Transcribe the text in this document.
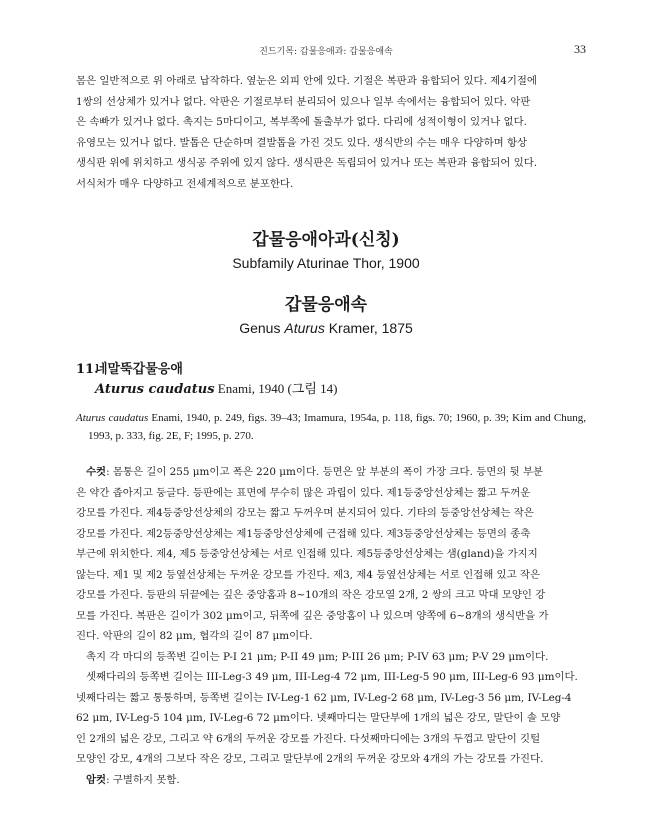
진드기목: 갑물응애과: 갑물응애속	33
몸은 일반적으로 위 아래로 납작하다. 옆눈은 외피 안에 있다. 기절은 복판과 융합되어 있다. 제4기절에
1쌍의 선상체가 있거나 없다. 악판은 기절로부터 분리되어 있으나 일부 속에서는 융합되어 있다. 악판
은 속빠가 있거나 없다. 촉지는 5마디이고, 복부쪽에 돌출부가 없다. 다리에 성적이형이 있거나 없다.
유영모는 있거나 없다. 발톱은 단순하며 결발톱을 가진 것도 있다. 생식반의 수는 매우 다양하며 항상
생식판 위에 위치하고 생식공 주위에 있지 않다. 생식판은 독립되어 있거나 또는 복판과 융합되어 있다.
서식처가 매우 다양하고 전세계적으로 분포한다.
갑물응애아과(신칭)
Subfamily Aturinae Thor, 1900
갑물응애속
Genus Aturus Kramer, 1875
11.네말뚝갑물응애
Aturus caudatus Enami, 1940 (그림 14)
Aturus caudatus Enami, 1940, p. 249, figs. 39–43; Imamura, 1954a, p. 118, figs. 70; 1960, p. 39; Kim and Chung, 1993, p. 333, fig. 2E, F; 1995, p. 270.
수컷: 몸통은 길이 255 μm이고 폭은 220 μm이다. 등면은 앞 부분의 폭이 가장 크다. 등면의 뒷 부분
은 약간 좁아지고 둥글다. 등판에는 표면에 무수히 많은 과립이 있다. 제1등중앙선상체는 짧고 두꺼운
강모를 가진다. 제4등중앙선상체의 강모는 짧고 두꺼우며 분지되어 있다. 기타의 등중앙선상체는 작은
강모를 가진다. 제2등중앙선상체는 제1등중앙선상체에 근접해 있다. 제3등중앙선상체는 등면의 종축
부근에 위치한다. 제4, 제5 등중앙선상체는 서로 인접해 있다. 제5등중앙선상체는 샘(gland)을 가지지
않는다. 제1 및 제2 등옆선상체는 두꺼운 강모를 가진다. 제3, 제4 등옆선상체는 서로 인접해 있고 작은
강모를 가진다. 등판의 뒤끝에는 깊은 중앙홈과 8~10개의 작은 강모열 2개, 2 쌍의 크고 막대 모양인 강
모를 가진다. 복판은 길이가 302 μm이고, 뒤쪽에 깊은 중앙홈이 나 있으며 양쪽에 6~8개의 생식반을 가
진다. 악판의 길이 82 μm, 협각의 길이 87 μm이다.
촉지 각 마디의 등쪽변 길이는 P-I 21 μm; P-II 49 μm; P-III 26 μm; P-IV 63 μm; P-V 29 μm이다.
셋째다리의 등쪽변 길이는 III-Leg-3 49 μm, III-Leg-4 72 μm, III-Leg-5 90 μm, III-Leg-6 93 μm이다.
넷째다리는 짧고 통통하며, 등쪽변 길이는 IV-Leg-1 62 μm, IV-Leg-2 68 μm, IV-Leg-3 56 μm, IV-Leg-4
62 μm, IV-Leg-5 104 μm, IV-Leg-6 72 μm이다. 넷째마디는 말단부에 1개의 넓은 강모, 말단이 솔 모양
인 2개의 넓은 강모, 그리고 약 6개의 두꺼운 강모를 가진다. 다섯째마디에는 3개의 두껍고 말단이 깃털
모양인 강모, 4개의 그보다 작은 강모, 그리고 말단부에 2개의 두꺼운 강모와 4개의 가는 강모를 가진다.
암컷: 구별하지 못함.
